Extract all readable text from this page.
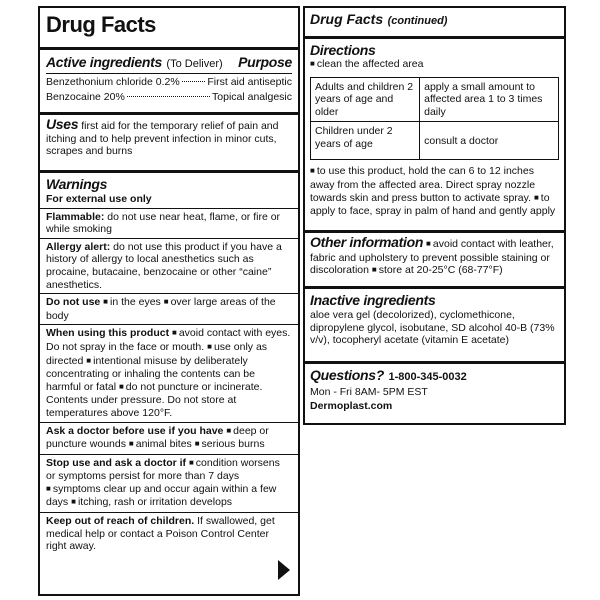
Drug Facts
Active ingredients (To Deliver) Purpose
Benzethonium chloride 0.2%	First aid antiseptic
Benzocaine 20%	Topical analgesic
Uses first aid for the temporary relief of pain and itching and to help prevent infection in minor cuts, scrapes and burns
Warnings
For external use only
Flammable: do not use near heat, flame, or fire or while smoking
Allergy alert: do not use this product if you have a history of allergy to local anesthetics such as procaine, butacaine, benzocaine or other “caine” anesthetics.
Do not use ■ in the eyes ■ over large areas of the body
When using this product ■ avoid contact with eyes. Do not spray in the face or mouth. ■ use only as directed ■ intentional misuse by deliberately concentrating or inhaling the contents can be harmful or fatal ■ do not puncture or incinerate. Contents under pressure. Do not store at temperatures above 120°F.
Ask a doctor before use if you have ■ deep or puncture wounds ■ animal bites ■ serious burns
Stop use and ask a doctor if ■ condition worsens or symptoms persist for more than 7 days ■ symptoms clear up and occur again within a few days ■ itching, rash or irritation develops
Keep out of reach of children. If swallowed, get medical help or contact a Poison Control Center right away.
Drug Facts (continued)
Directions
■ clean the affected area
Adults and children 2 years of age and older	apply a small amount to affected area 1 to 3 times daily
Children under 2 years of age	consult a doctor
■ to use this product, hold the can 6 to 12 inches away from the affected area. Direct spray nozzle towards skin and press button to activate spray. ■ to apply to face, spray in palm of hand and gently apply
Other information ■ avoid contact with leather, fabric and upholstery to prevent possible staining or discoloration ■ store at 20-25°C (68-77°F)
Inactive ingredients
aloe vera gel (decolorized), cyclomethicone, dipropylene glycol, isobutane, SD alcohol 40-B (73% v/v), tocopheryl acetate (vitamin E acetate)
Questions? 1-800-345-0032
Mon - Fri 8AM- 5PM EST
Dermoplast.com
